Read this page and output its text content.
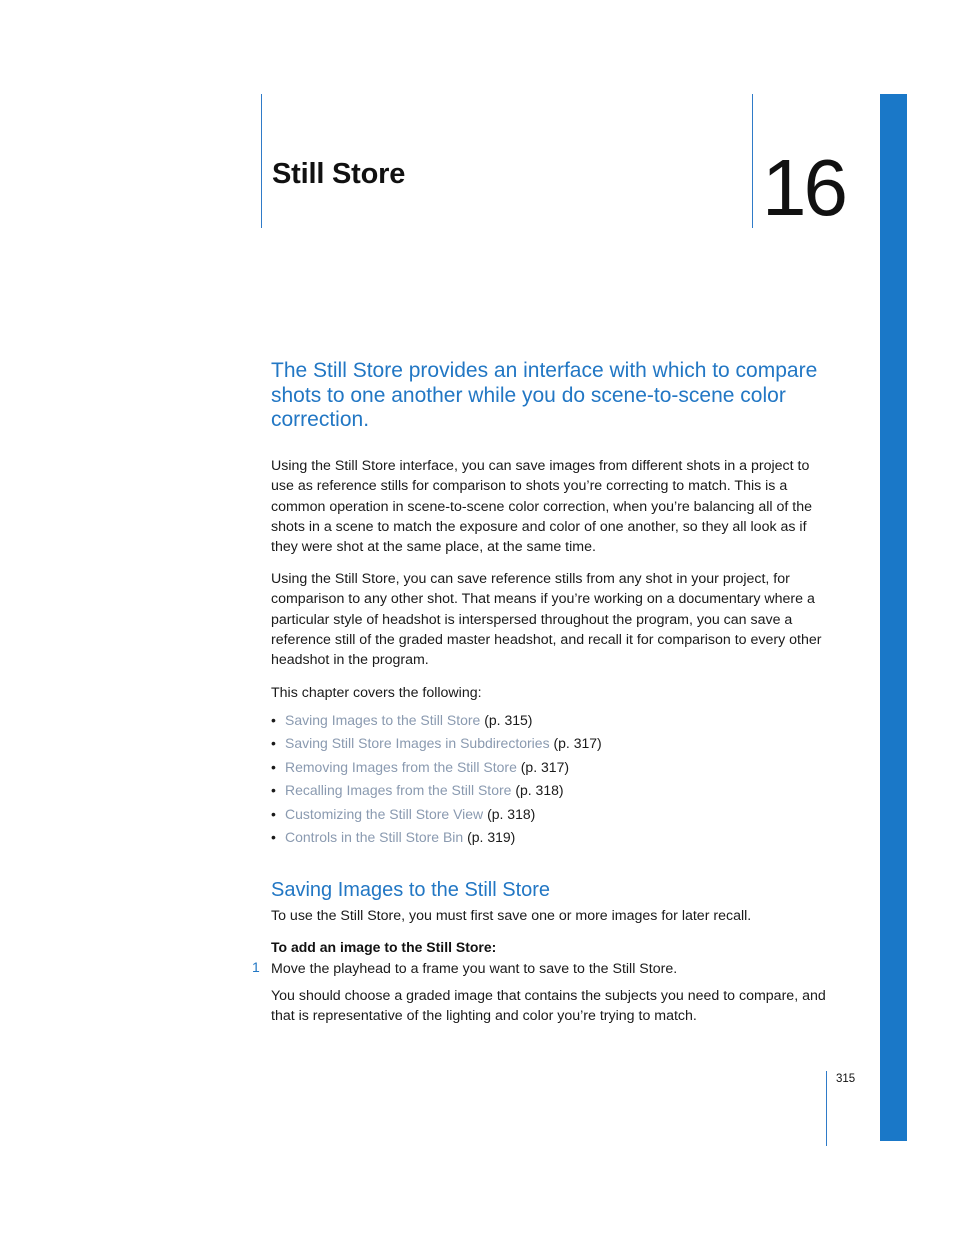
Still Store	16

The Still Store provides an interface with which to compare shots to one another while you do scene-to-scene color correction.

Using the Still Store interface, you can save images from different shots in a project to use as reference stills for comparison to shots you’re correcting to match. This is a common operation in scene-to-scene color correction, when you’re balancing all of the shots in a scene to match the exposure and color of one another, so they all look as if they were shot at the same place, at the same time.

Using the Still Store, you can save reference stills from any shot in your project, for comparison to any other shot. That means if you’re working on a documentary where a particular style of headshot is interspersed throughout the program, you can save a reference still of the graded master headshot, and recall it for comparison to every other headshot in the program.

This chapter covers the following:

• Saving Images to the Still Store (p. 315)
• Saving Still Store Images in Subdirectories (p. 317)
• Removing Images from the Still Store (p. 317)
• Recalling Images from the Still Store (p. 318)
• Customizing the Still Store View (p. 318)
• Controls in the Still Store Bin (p. 319)
Saving Images to the Still Store

To use the Still Store, you must first save one or more images for later recall.

To add an image to the Still Store:
1 Move the playhead to a frame you want to save to the Still Store.

You should choose a graded image that contains the subjects you need to compare, and that is representative of the lighting and color you’re trying to match.

315
